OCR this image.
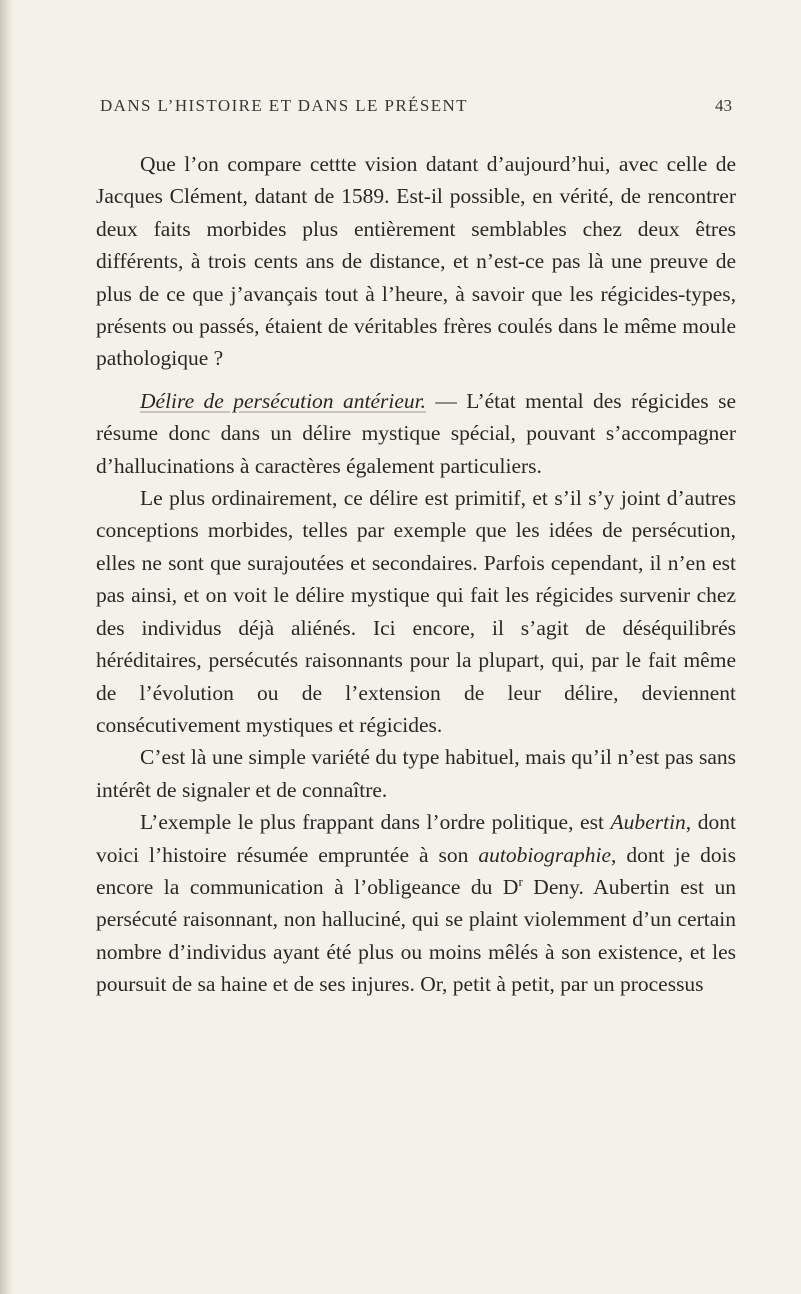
DANS L’HISTOIRE ET DANS LE PRÉSENT	43

Que l’on compare cettte vision datant d’aujourd’hui, avec celle de Jacques Clément, datant de 1589. Est-il possible, en vérité, de rencontrer deux faits morbides plus entièrement semblables chez deux êtres différents, à trois cents ans de distance, et n’est-ce pas là une preuve de plus de ce que j’avançais tout à l’heure, à savoir que les régicides-types, présents ou passés, étaient de véritables frères coulés dans le même moule pathologique ?

Délire de persécution antérieur. — L’état mental des régicides se résume donc dans un délire mystique spécial, pouvant s’accompagner d’hallucinations à caractères également particuliers.

Le plus ordinairement, ce délire est primitif, et s’il s’y joint d’autres conceptions morbides, telles par exemple que les idées de persécution, elles ne sont que surajoutées et secondaires. Parfois cependant, il n’en est pas ainsi, et on voit le délire mystique qui fait les régicides survenir chez des individus déjà aliénés. Ici encore, il s’agit de déséquilibrés héréditaires, persécutés raisonnants pour la plupart, qui, par le fait même de l’évolution ou de l’extension de leur délire, deviennent consécutivement mystiques et régicides.

C’est là une simple variété du type habituel, mais qu’il n’est pas sans intérêt de signaler et de connaître.

L’exemple le plus frappant dans l’ordre politique, est Aubertin, dont voici l’histoire résumée empruntée à son autobiographie, dont je dois encore la communication à l’obligeance du $D^r$ Deny. Aubertin est un persécuté raisonnant, non halluciné, qui se plaint violemment d’un certain nombre d’individus ayant été plus ou moins mêlés à son existence, et les poursuit de sa haine et de ses injures. Or, petit à petit, par un processus
